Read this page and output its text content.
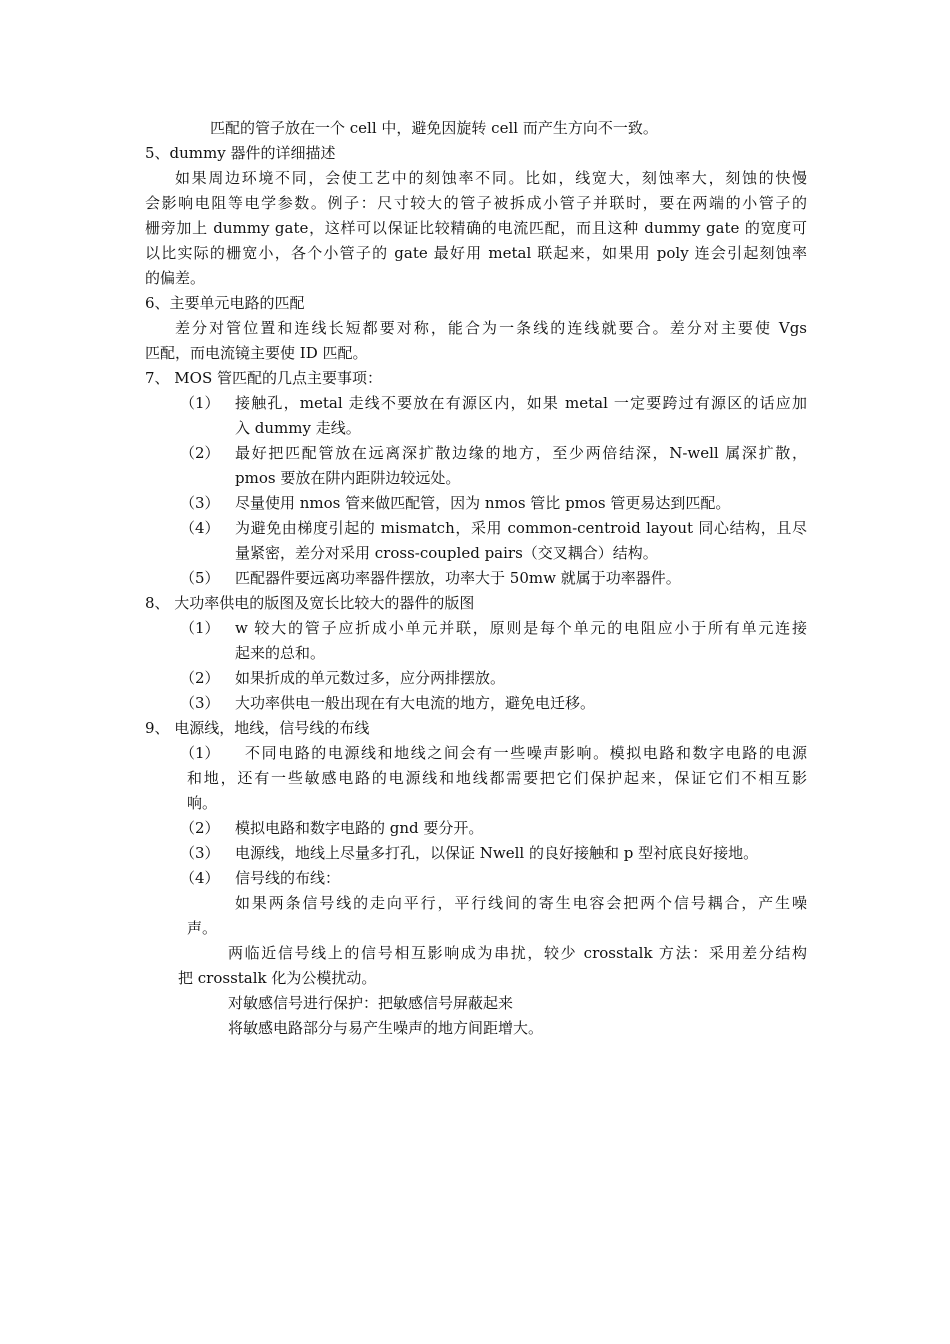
匹配的管子放在一个 cell 中，避免因旋转 cell 而产生方向不一致。
5、dummy 器件的详细描述
如果周边环境不同，会使工艺中的刻蚀率不同。比如，线宽大，刻蚀率大，刻蚀的快慢
会影响电阻等电学参数。例子：尺寸较大的管子被拆成小管子并联时，要在两端的小管子的
栅旁加上 dummy gate，这样可以保证比较精确的电流匹配，而且这种 dummy gate 的宽度可
以比实际的栅宽小，各个小管子的 gate 最好用 metal 联起来，如果用 poly 连会引起刻蚀率
的偏差。
6、主要单元电路的匹配
差分对管位置和连线长短都要对称，能合为一条线的连线就要合。差分对主要使 Vgs
匹配，而电流镜主要使 ID 匹配。
7、 MOS 管匹配的几点主要事项：
（1） 接触孔，metal 走线不要放在有源区内，如果 metal 一定要跨过有源区的话应加
入 dummy 走线。
（2） 最好把匹配管放在远离深扩散边缘的地方，至少两倍结深，N-well 属深扩散，
pmos 要放在阱内距阱边较远处。
（3） 尽量使用 nmos 管来做匹配管，因为 nmos 管比 pmos 管更易达到匹配。
（4） 为避免由梯度引起的 mismatch，采用 common-centroid layout 同心结构，且尽
量紧密，差分对采用 cross-coupled pairs（交叉耦合）结构。
（5） 匹配器件要远离功率器件摆放，功率大于 50mw 就属于功率器件。
8、 大功率供电的版图及宽长比较大的器件的版图
（1） w 较大的管子应折成小单元并联，原则是每个单元的电阻应小于所有单元连接
起来的总和。
（2） 如果折成的单元数过多，应分两排摆放。
（3） 大功率供电一般出现在有大电流的地方，避免电迁移。
9、 电源线，地线，信号线的布线
（1） 不同电路的电源线和地线之间会有一些噪声影响。模拟电路和数字电路的电源
和地，还有一些敏感电路的电源线和地线都需要把它们保护起来，保证它们不相互影
响。
（2） 模拟电路和数字电路的 gnd 要分开。
（3） 电源线，地线上尽量多打孔，以保证 Nwell 的良好接触和 p 型衬底良好接地。
（4） 信号线的布线：
如果两条信号线的走向平行，平行线间的寄生电容会把两个信号耦合，产生噪
声。
两临近信号线上的信号相互影响成为串扰，较少 crosstalk 方法：采用差分结构
把 crosstalk 化为公模扰动。
对敏感信号进行保护：把敏感信号屏蔽起来
将敏感电路部分与易产生噪声的地方间距增大。
